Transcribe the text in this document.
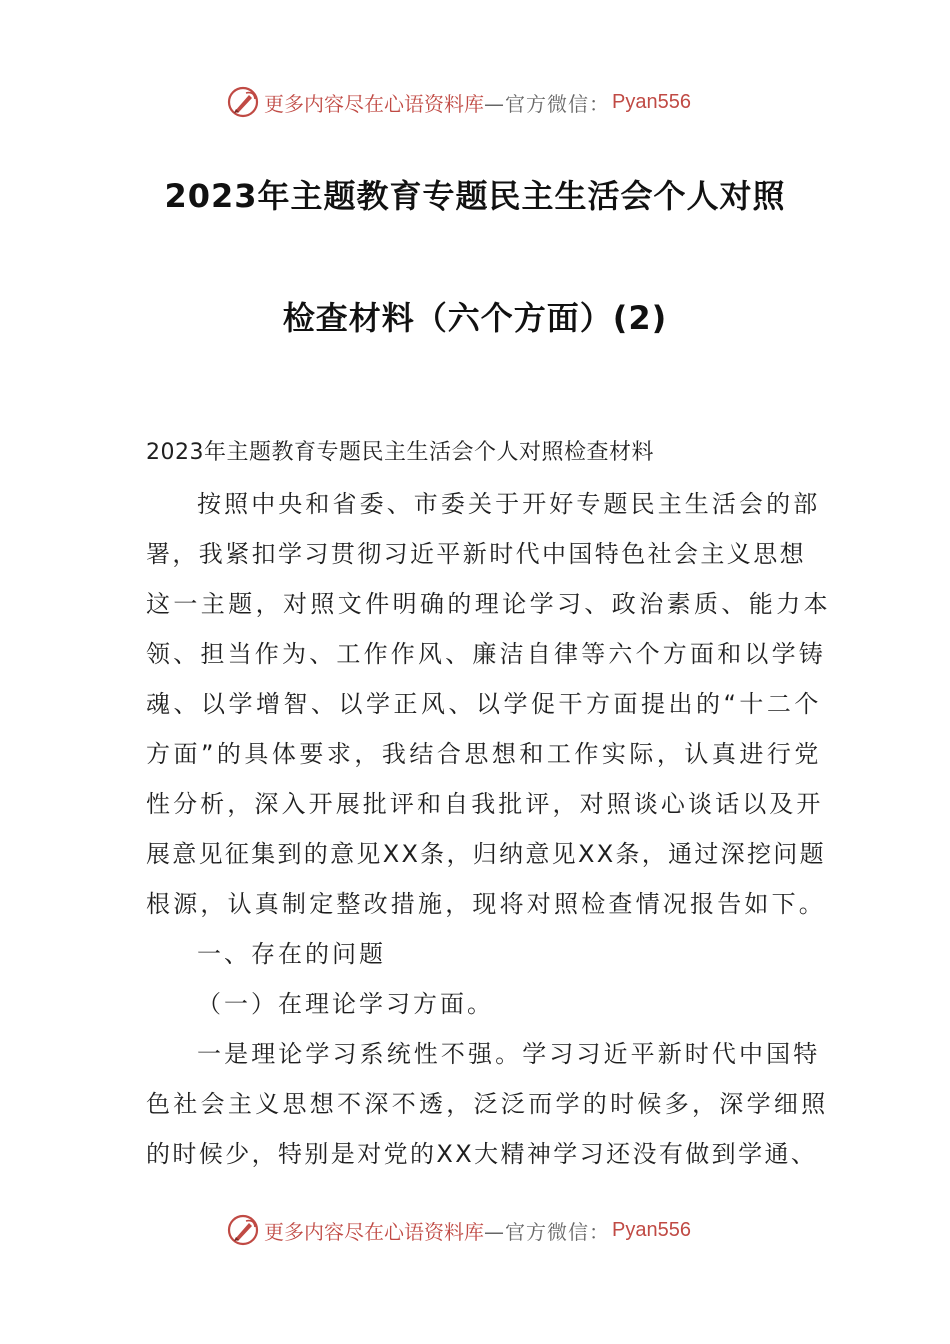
更多内容尽在心语资料库 —官方微信： Pyan556
2023年主题教育专题民主生活会个人对照
检查材料（六个方面）(2)
2023年主题教育专题民主生活会个人对照检查材料
按照中央和省委、市委关于开好专题民主生活会的部
署，我紧扣学习贯彻习近平新时代中国特色社会主义思想
这一主题，对照文件明确的理论学习、政治素质、能力本
领、担当作为、工作作风、廉洁自律等六个方面和以学铸
魂、以学增智、以学正风、以学促干方面提出的“十二个
方面”的具体要求，我结合思想和工作实际，认真进行党
性分析，深入开展批评和自我批评，对照谈心谈话以及开
展意见征集到的意见XX条，归纳意见XX条，通过深挖问题
根源，认真制定整改措施，现将对照检查情况报告如下。
一、存在的问题
（一）在理论学习方面。
一是理论学习系统性不强。学习习近平新时代中国特
色社会主义思想不深不透，泛泛而学的时候多，深学细照
的时候少，特别是对党的XX大精神学习还没有做到学通、
更多内容尽在心语资料库 —官方微信： Pyan556
